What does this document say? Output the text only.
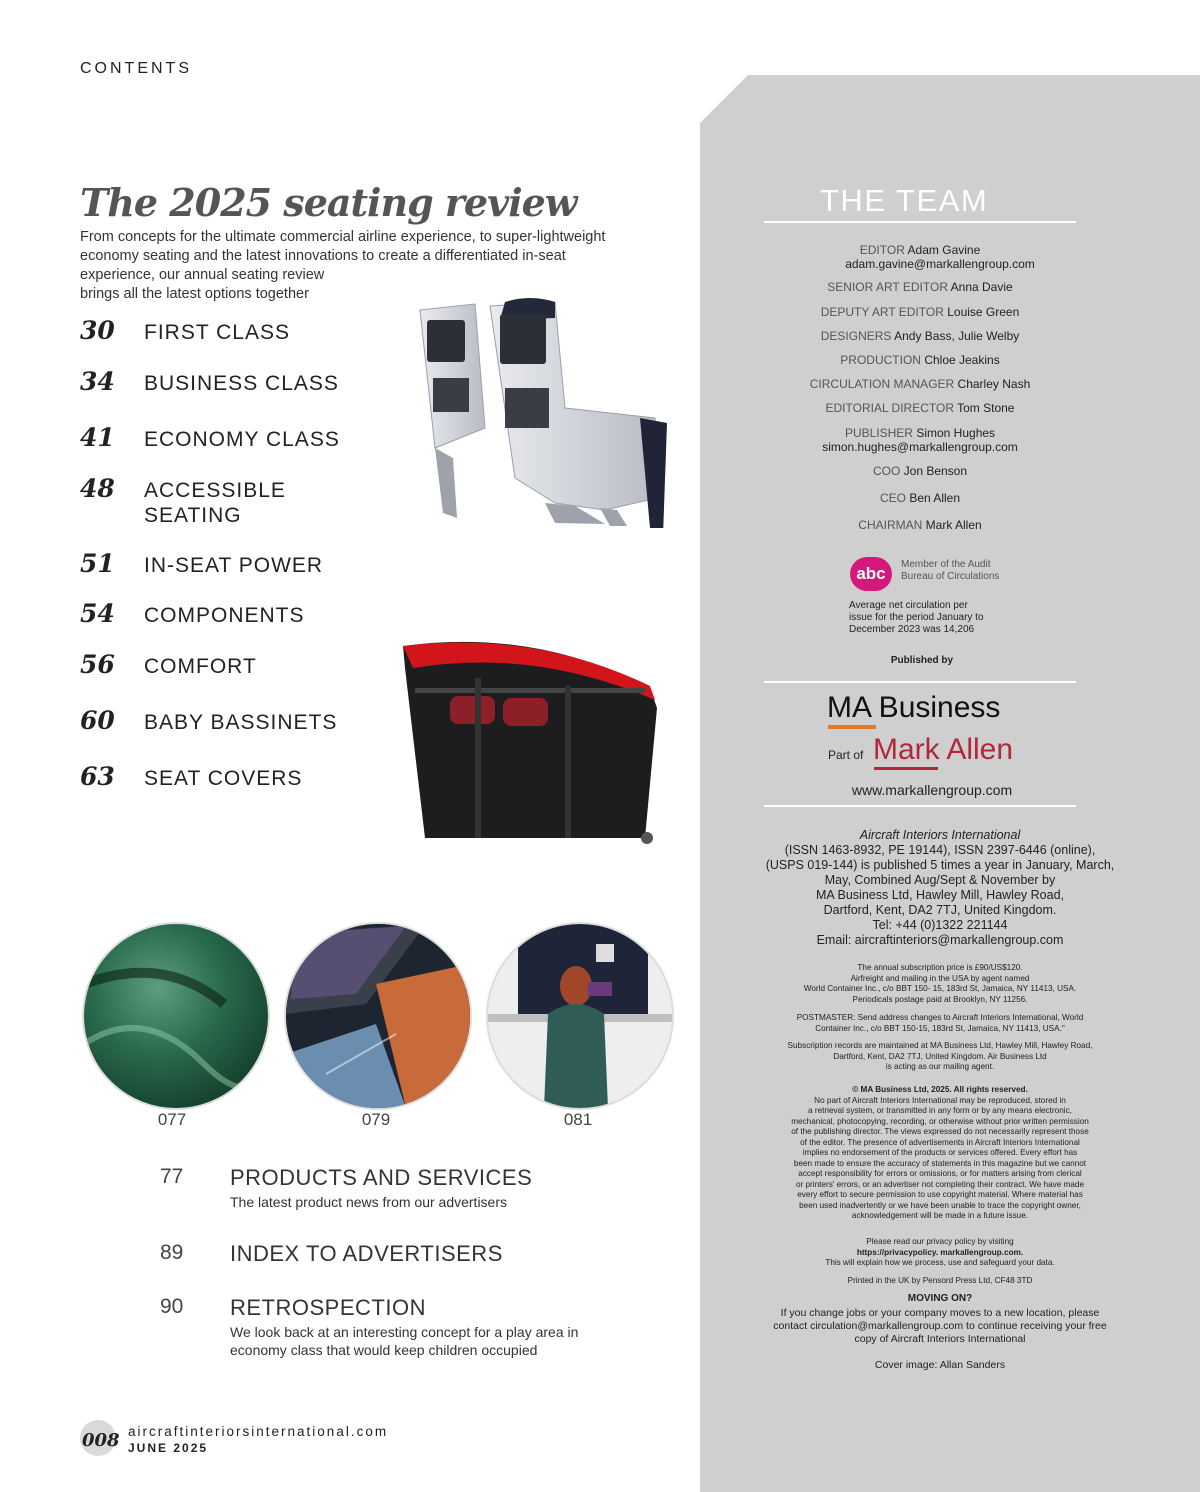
CONTENTS
The 2025 seating review
From concepts for the ultimate commercial airline experience, to super-lightweight
economy seating and the latest innovations to create a differentiated in-seat
experience, our annual seating review
brings all the latest options together
30 FIRST CLASS
34 BUSINESS CLASS
41 ECONOMY CLASS
48 ACCESSIBLE SEATING
51 IN-SEAT POWER
54 COMPONENTS
56 COMFORT
60 BABY BASSINETS
63 SEAT COVERS
077	079	081
77 PRODUCTS AND SERVICES
The latest product news from our advertisers
89 INDEX TO ADVERTISERS
90 RETROSPECTION
We look back at an interesting concept for a play area in economy class that would keep children occupied
008 aircraftinteriorsinternational.com
JUNE 2025
THE TEAM
EDITOR Adam Gavine
adam.gavine@markallengroup.com
SENIOR ART EDITOR Anna Davie
DEPUTY ART EDITOR Louise Green
DESIGNERS Andy Bass, Julie Welby
PRODUCTION Chloe Jeakins
CIRCULATION MANAGER Charley Nash
EDITORIAL DIRECTOR Tom Stone
PUBLISHER Simon Hughes
simon.hughes@markallengroup.com
COO Jon Benson
CEO Ben Allen
CHAIRMAN Mark Allen
abc	Member of the Audit
Bureau of Circulations
Average net circulation per
issue for the period January to
December 2023 was 14,206
Published by
MA Business
Part of Mark Allen
www.markallengroup.com
Aircraft Interiors International
(ISSN 1463-8932, PE 19144), ISSN 2397-6446 (online),
(USPS 019-144) is published 5 times a year in January, March,
May, Combined Aug/Sept & November by
MA Business Ltd, Hawley Mill, Hawley Road,
Dartford, Kent, DA2 7TJ, United Kingdom.
Tel: +44 (0)1322 221144
Email: aircraftinteriors@markallengroup.com
The annual subscription price is £90/US$120.
Airfreight and mailing in the USA by agent named
World Container Inc., c/o BBT 150- 15, 183rd St, Jamaica, NY 11413, USA.
Periodicals postage paid at Brooklyn, NY 11256.
POSTMASTER: Send address changes to Aircraft Interiors International, World
Container Inc., c/o BBT 150-15, 183rd St, Jamaica, NY 11413, USA."
Subscription records are maintained at MA Business Ltd, Hawley Mill, Hawley Road,
Dartford, Kent, DA2 7TJ, United Kingdom. Air Business Ltd
is acting as our mailing agent.
© MA Business Ltd, 2025. All rights reserved.
No part of Aircraft Interiors International may be reproduced, stored in
a retrieval system, or transmitted in any form or by any means electronic,
mechanical, photocopying, recording, or otherwise without prior written permission
of the publishing director. The views expressed do not necessarily represent those
of the editor. The presence of advertisements in Aircraft Interiors International
implies no endorsement of the products or services offered. Every effort has
been made to ensure the accuracy of statements in this magazine but we cannot
accept responsibility for errors or omissions, or for matters arising from clerical
or printers' errors, or an advertiser not completing their contract. We have made
every effort to secure permission to use copyright material. Where material has
been used inadvertently or we have been unable to trace the copyright owner,
acknowledgement will be made in a future issue.
Please read our privacy policy by visiting
https://privacypolicy. markallengroup.com.
This will explain how we process, use and safeguard your data.
Printed in the UK by Pensord Press Ltd, CF48 3TD
MOVING ON?
If you change jobs or your company moves to a new location, please
contact circulation@markallengroup.com to continue receiving your free
copy of Aircraft Interiors International
Cover image: Allan Sanders
